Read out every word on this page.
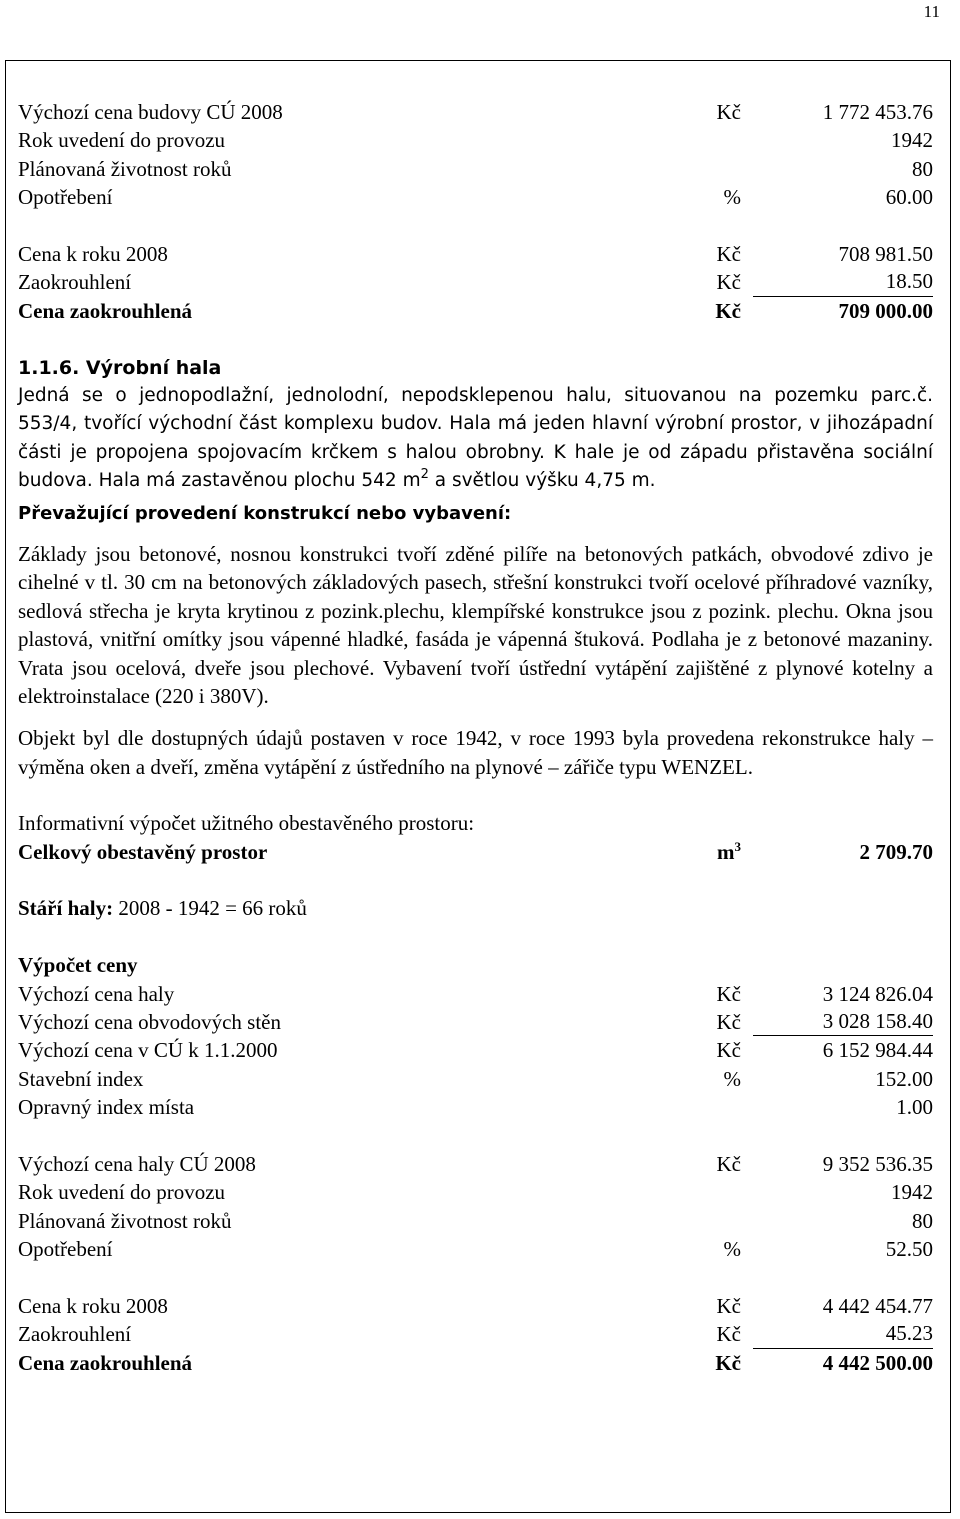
11
Výchozí cena budovy CÚ 2008	Kč	1 772 453.76
Rok uvedení do provozu	1942
Plánovaná životnost roků	80
Opotřebení	%	60.00
Cena k roku 2008	Kč	708 981.50
Zaokrouhlení	Kč	18.50
Cena zaokrouhlená	Kč	709 000.00
1.1.6. Výrobní hala
Jedná se o jednopodlažní, jednolodní, nepodsklepenou halu, situovanou na pozemku parc.č. 553/4, tvořící východní část komplexu budov. Hala má jeden hlavní výrobní prostor, v jihozápadní části je propojena spojovacím krčkem s halou obrobny. K hale je od západu přistavěna sociální budova. Hala má zastavěnou plochu 542 $m^2$ a světlou výšku 4,75 m.
Převažující provedení konstrukcí nebo vybavení:
Základy jsou betonové, nosnou konstrukci tvoří zděné pilíře na betonových patkách, obvodové zdivo je cihelné v tl. 30 cm na betonových základových pasech, střešní konstrukci tvoří ocelové příhradové vazníky, sedlová střecha je kryta krytinou z pozink.plechu, klempířské konstrukce jsou z pozink. plechu. Okna jsou plastová, vnitřní omítky jsou vápenné hladké, fasáda je vápenná štuková. Podlaha je z betonové mazaniny. Vrata jsou ocelová, dveře jsou plechové. Vybavení tvoří ústřední vytápění zajištěné z plynové kotelny a elektroinstalace (220 i 380V).
Objekt byl dle dostupných údajů postaven v roce 1942, v roce 1993 byla provedena rekonstrukce haly – výměna oken a dveří, změna vytápění z ústředního na plynové – zářiče typu WENZEL.
Informativní výpočet užitného obestavěného prostoru:
Celkový obestavěný prostor	$m^3$	2 709.70
Stáří haly: 2008 - 1942 = 66 roků
Výpočet ceny
Výchozí cena haly	Kč	3 124 826.04
Výchozí cena obvodových stěn	Kč	3 028 158.40
Výchozí cena v CÚ k 1.1.2000	Kč	6 152 984.44
Stavební index	%	152.00
Opravný index místa	1.00
Výchozí cena haly CÚ 2008	Kč	9 352 536.35
Rok uvedení do provozu	1942
Plánovaná životnost roků	80
Opotřebení	%	52.50
Cena k roku 2008	Kč	4 442 454.77
Zaokrouhlení	Kč	45.23
Cena zaokrouhlená	Kč	4 442 500.00
